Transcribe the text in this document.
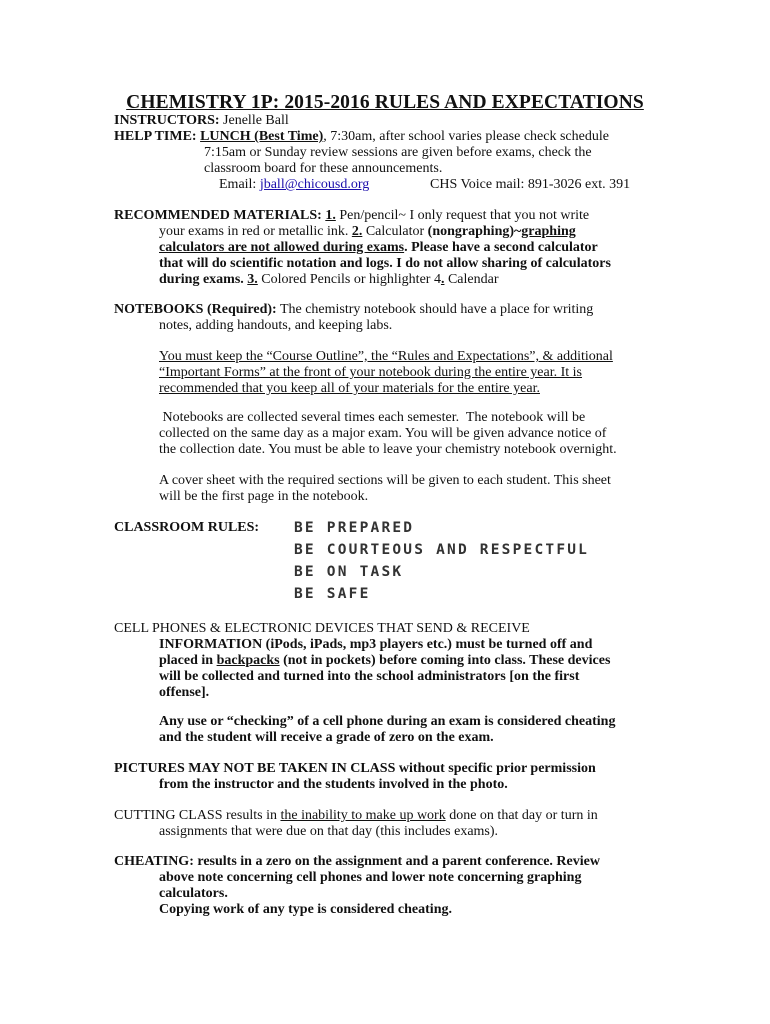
CHEMISTRY 1P: 2015-2016 RULES AND EXPECTATIONS
INSTRUCTORS: Jenelle Ball
HELP TIME: LUNCH (Best Time), 7:30am, after school varies please check schedule
7:15am or Sunday review sessions are given before exams, check the
classroom board for these announcements.
Email: jball@chicousd.org	CHS Voice mail: 891-3026 ext. 391
RECOMMENDED MATERIALS: 1. Pen/pencil~ I only request that you not write
your exams in red or metallic ink. 2. Calculator (nongraphing)~graphing
calculators are not allowed during exams. Please have a second calculator
that will do scientific notation and logs. I do not allow sharing of calculators
during exams. 3. Colored Pencils or highlighter 4. Calendar
NOTEBOOKS (Required): The chemistry notebook should have a place for writing
notes, adding handouts, and keeping labs.
You must keep the “Course Outline”, the “Rules and Expectations”, & additional
“Important Forms” at the front of your notebook during the entire year. It is
recommended that you keep all of your materials for the entire year.
Notebooks are collected several times each semester.  The notebook will be
collected on the same day as a major exam. You will be given advance notice of
the collection date. You must be able to leave your chemistry notebook overnight.
A cover sheet with the required sections will be given to each student. This sheet
will be the first page in the notebook.
CLASSROOM RULES: BE PREPARED
BE COURTEOUS AND RESPECTFUL
BE ON TASK
BE SAFE
CELL PHONES & ELECTRONIC DEVICES THAT SEND & RECEIVE
INFORMATION (iPods, iPads, mp3 players etc.) must be turned off and
placed in backpacks (not in pockets) before coming into class. These devices
will be collected and turned into the school administrators [on the first
offense].
Any use or “checking” of a cell phone during an exam is considered cheating
and the student will receive a grade of zero on the exam.
PICTURES MAY NOT BE TAKEN IN CLASS without specific prior permission
from the instructor and the students involved in the photo.
CUTTING CLASS results in the inability to make up work done on that day or turn in
assignments that were due on that day (this includes exams).
CHEATING: results in a zero on the assignment and a parent conference. Review
above note concerning cell phones and lower note concerning graphing
calculators.
Copying work of any type is considered cheating.
